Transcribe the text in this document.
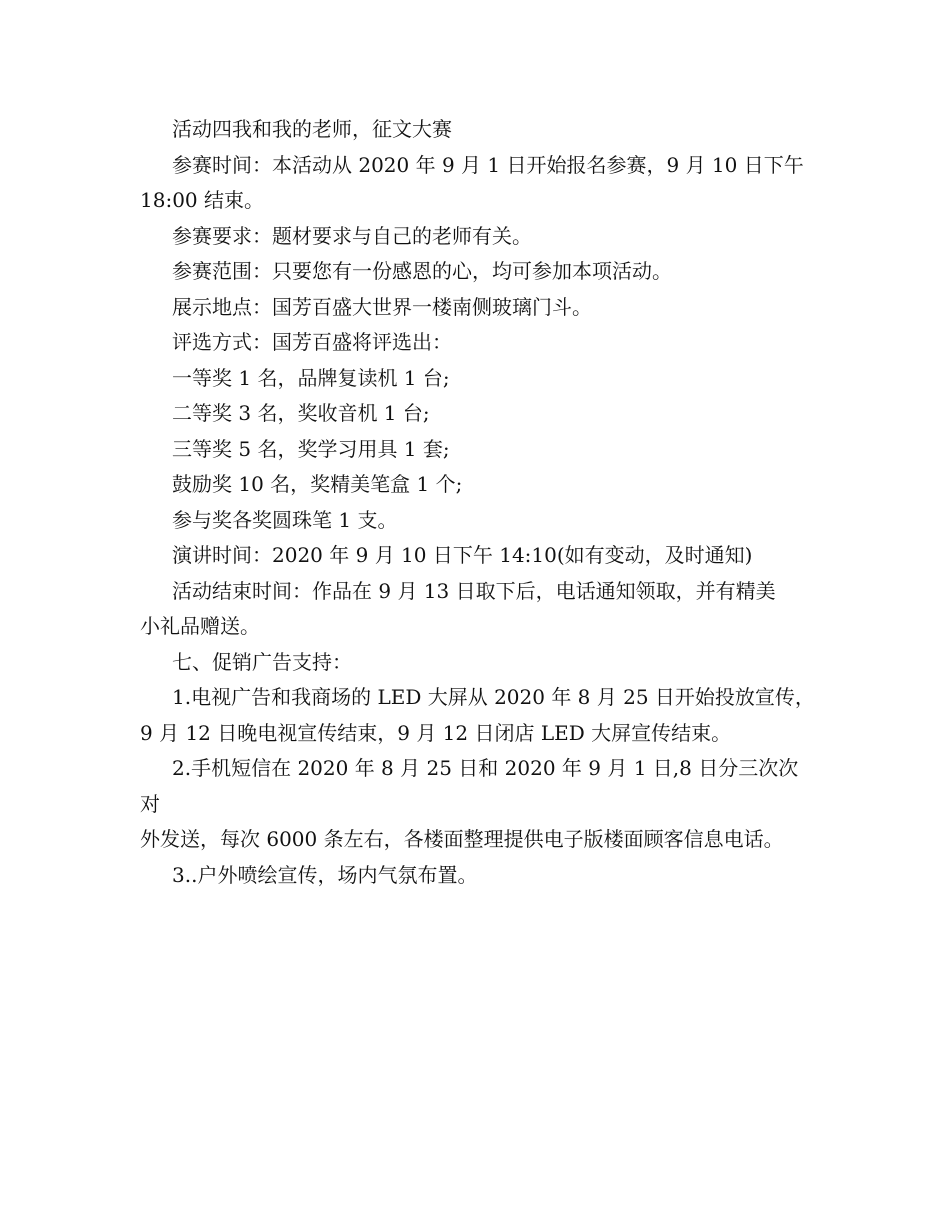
活动四我和我的老师，征文大赛

参赛时间：本活动从 2020 年 9 月 1 日开始报名参赛，9 月 10 日下午
18:00 结束。

参赛要求：题材要求与自己的老师有关。

参赛范围：只要您有一份感恩的心，均可参加本项活动。

展示地点：国芳百盛大世界一楼南侧玻璃门斗。

评选方式：国芳百盛将评选出：

一等奖 1 名，品牌复读机 1 台;

二等奖 3 名，奖收音机 1 台;

三等奖 5 名，奖学习用具 1 套;

鼓励奖 10 名，奖精美笔盒 1 个;

参与奖各奖圆珠笔 1 支。

演讲时间：2020 年 9 月 10 日下午 14:10(如有变动，及时通知)

活动结束时间：作品在 9 月 13 日取下后，电话通知领取，并有精美
小礼品赠送。

七、促销广告支持：

1.电视广告和我商场的 LED 大屏从 2020 年 8 月 25 日开始投放宣传，
9 月 12 日晚电视宣传结束，9 月 12 日闭店 LED 大屏宣传结束。

2.手机短信在 2020 年 8 月 25 日和 2020 年 9 月 1 日,8 日分三次次对
外发送，每次 6000 条左右，各楼面整理提供电子版楼面顾客信息电话。

3..户外喷绘宣传，场内气氛布置。
